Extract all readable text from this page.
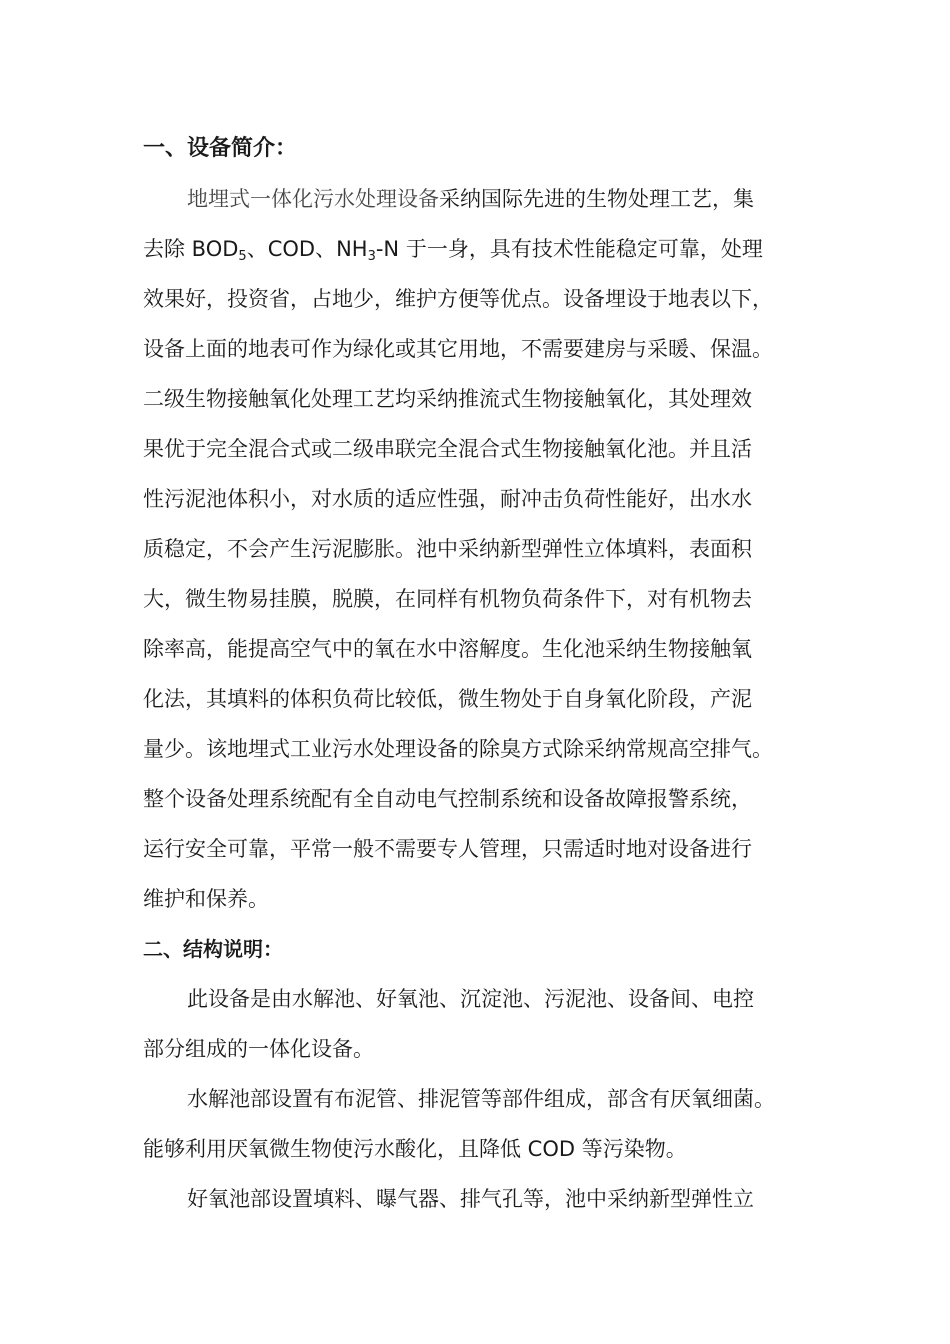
一、设备简介：
地埋式一体化污水处理设备采纳国际先进的生物处理工艺，集
去除 $BOD_5$、COD、$NH_3-N$ 于一身，具有技术性能稳定可靠，处理
效果好，投资省，占地少，维护方便等优点。设备埋设于地表以下，
设备上面的地表可作为绿化或其它用地，不需要建房与采暖、保温。
二级生物接触氧化处理工艺均采纳推流式生物接触氧化，其处理效
果优于完全混合式或二级串联完全混合式生物接触氧化池。并且活
性污泥池体积小，对水质的适应性强，耐冲击负荷性能好，出水水
质稳定，不会产生污泥膨胀。池中采纳新型弹性立体填料，表面积
大，微生物易挂膜，脱膜，在同样有机物负荷条件下，对有机物去
除率高，能提高空气中的氧在水中溶解度。生化池采纳生物接触氧
化法，其填料的体积负荷比较低，微生物处于自身氧化阶段，产泥
量少。该地埋式工业污水处理设备的除臭方式除采纳常规高空排气。
整个设备处理系统配有全自动电气控制系统和设备故障报警系统，
运行安全可靠，平常一般不需要专人管理，只需适时地对设备进行
维护和保养。
二、结构说明：
此设备是由水解池、好氧池、沉淀池、污泥池、设备间、电控
部分组成的一体化设备。
水解池部设置有布泥管、排泥管等部件组成，部含有厌氧细菌。
能够利用厌氧微生物使污水酸化，且降低 COD 等污染物。
好氧池部设置填料、曝气器、排气孔等，池中采纳新型弹性立
